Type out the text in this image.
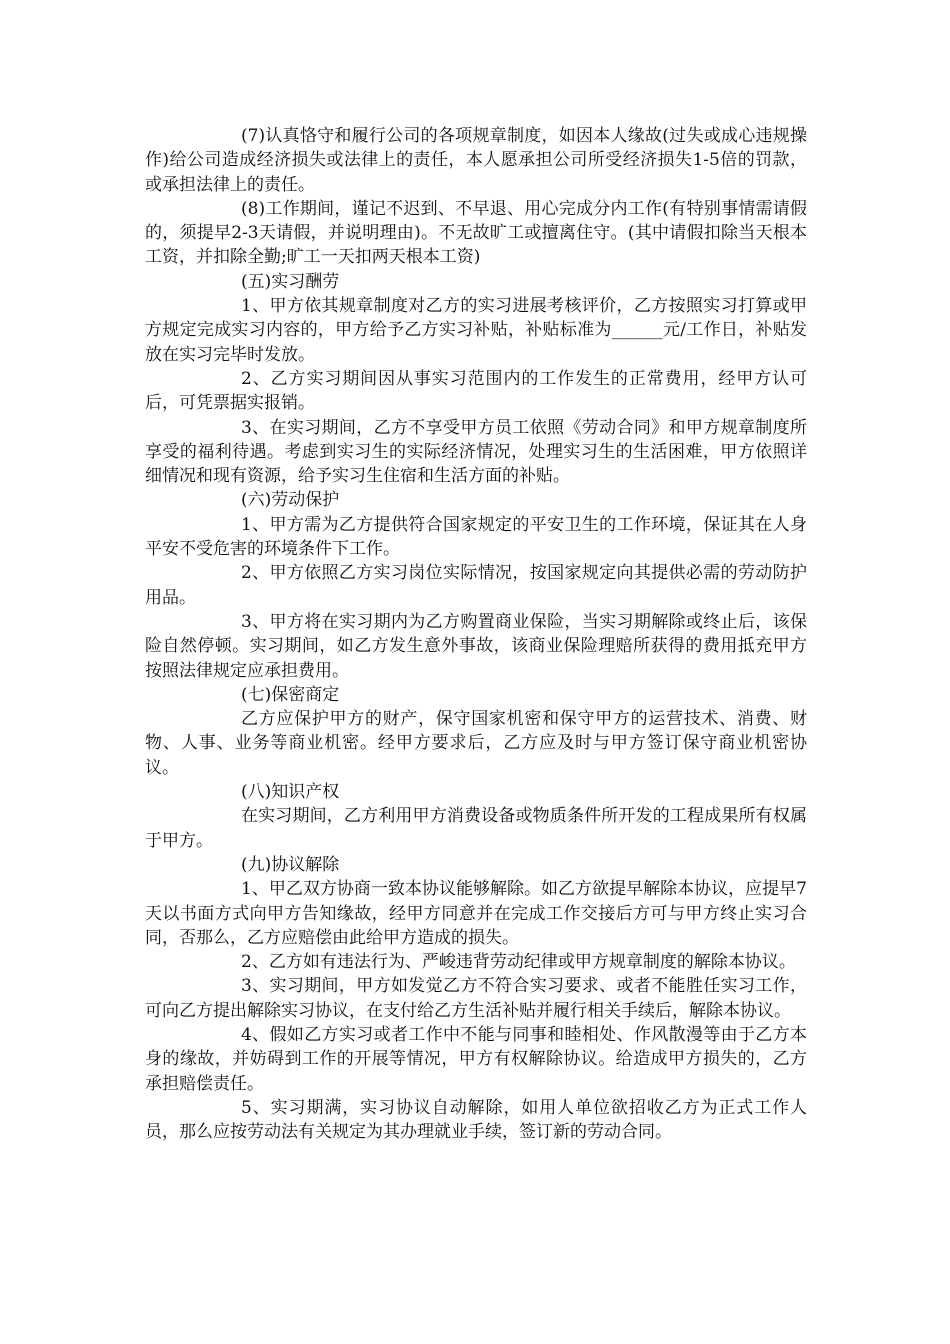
(7)认真恪守和履行公司的各项规章制度，如因本人缘故(过失或成心违规操作)给公司造成经济损失或法律上的责任，本人愿承担公司所受经济损失1-5倍的罚款，或承担法律上的责任。

(8)工作期间，谨记不迟到、不早退、用心完成分内工作(有特别事情需请假的，须提早2-3天请假，并说明理由)。不无故旷工或擅离住守。(其中请假扣除当天根本工资，并扣除全勤;旷工一天扣两天根本工资)

(五)实习酬劳

1、甲方依其规章制度对乙方的实习进展考核评价，乙方按照实习打算或甲方规定完成实习内容的，甲方给予乙方实习补贴，补贴标准为______元/工作日，补贴发放在实习完毕时发放。

2、乙方实习期间因从事实习范围内的工作发生的正常费用，经甲方认可后，可凭票据实报销。

3、在实习期间，乙方不享受甲方员工依照《劳动合同》和甲方规章制度所享受的福利待遇。考虑到实习生的实际经济情况，处理实习生的生活困难，甲方依照详细情况和现有资源，给予实习生住宿和生活方面的补贴。

(六)劳动保护

1、甲方需为乙方提供符合国家规定的平安卫生的工作环境，保证其在人身平安不受危害的环境条件下工作。

2、甲方依照乙方实习岗位实际情况，按国家规定向其提供必需的劳动防护用品。

3、甲方将在实习期内为乙方购置商业保险，当实习期解除或终止后，该保险自然停顿。实习期间，如乙方发生意外事故，该商业保险理赔所获得的费用抵充甲方按照法律规定应承担费用。

(七)保密商定

乙方应保护甲方的财产，保守国家机密和保守甲方的运营技术、消费、财物、人事、业务等商业机密。经甲方要求后，乙方应及时与甲方签订保守商业机密协议。

(八)知识产权

在实习期间，乙方利用甲方消费设备或物质条件所开发的工程成果所有权属于甲方。

(九)协议解除

1、甲乙双方协商一致本协议能够解除。如乙方欲提早解除本协议，应提早7天以书面方式向甲方告知缘故，经甲方同意并在完成工作交接后方可与甲方终止实习合同，否那么，乙方应赔偿由此给甲方造成的损失。

2、乙方如有违法行为、严峻违背劳动纪律或甲方规章制度的解除本协议。

3、实习期间，甲方如发觉乙方不符合实习要求、或者不能胜任实习工作，可向乙方提出解除实习协议，在支付给乙方生活补贴并履行相关手续后，解除本协议。

4、假如乙方实习或者工作中不能与同事和睦相处、作风散漫等由于乙方本身的缘故，并妨碍到工作的开展等情况，甲方有权解除协议。给造成甲方损失的，乙方承担赔偿责任。

5、实习期满，实习协议自动解除，如用人单位欲招收乙方为正式工作人员，那么应按劳动法有关规定为其办理就业手续，签订新的劳动合同。
